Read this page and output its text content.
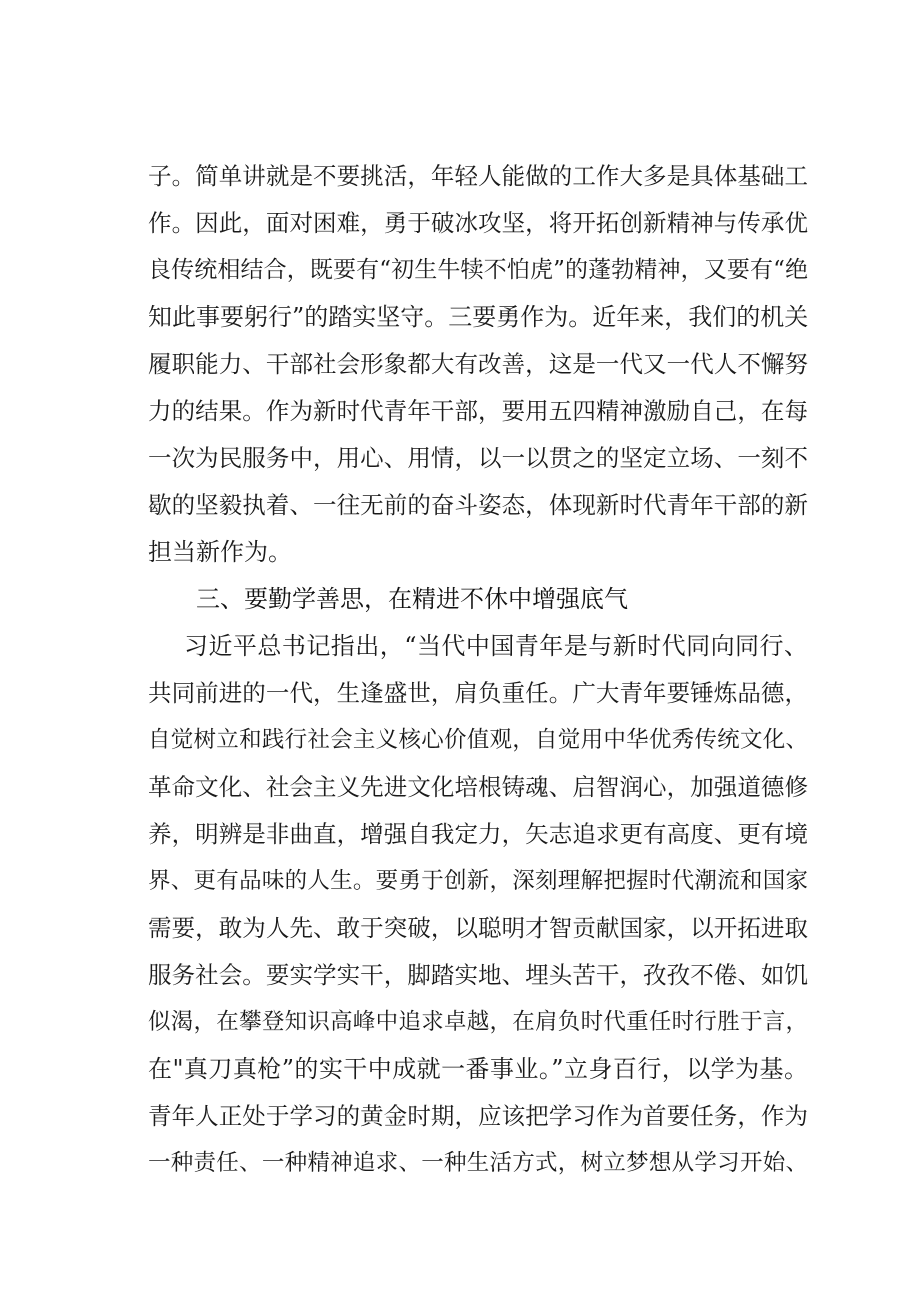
子。简单讲就是不要挑活，年轻人能做的工作大多是具体基础工
作。因此，面对困难，勇于破冰攻坚，将开拓创新精神与传承优
良传统相结合，既要有“初生牛犊不怕虎”的蓬勃精神，又要有“绝
知此事要躬行”的踏实坚守。三要勇作为。近年来，我们的机关
履职能力、干部社会形象都大有改善，这是一代又一代人不懈努
力的结果。作为新时代青年干部，要用五四精神激励自己，在每
一次为民服务中，用心、用情，以一以贯之的坚定立场、一刻不
歇的坚毅执着、一往无前的奋斗姿态，体现新时代青年干部的新
担当新作为。
三、要勤学善思，在精进不休中增强底气
习近平总书记指出，“当代中国青年是与新时代同向同行、
共同前进的一代，生逢盛世，肩负重任。广大青年要锤炼品德，
自觉树立和践行社会主义核心价值观，自觉用中华优秀传统文化、
革命文化、社会主义先进文化培根铸魂、启智润心，加强道德修
养，明辨是非曲直，增强自我定力，矢志追求更有高度、更有境
界、更有品味的人生。要勇于创新，深刻理解把握时代潮流和国家
需要，敢为人先、敢于突破，以聪明才智贡献国家，以开拓进取
服务社会。要实学实干，脚踏实地、埋头苦干，孜孜不倦、如饥
似渴，在攀登知识高峰中追求卓越，在肩负时代重任时行胜于言，
在"真刀真枪”的实干中成就一番事业。”立身百行，以学为基。
青年人正处于学习的黄金时期，应该把学习作为首要任务，作为
一种责任、一种精神追求、一种生活方式，树立梦想从学习开始、
